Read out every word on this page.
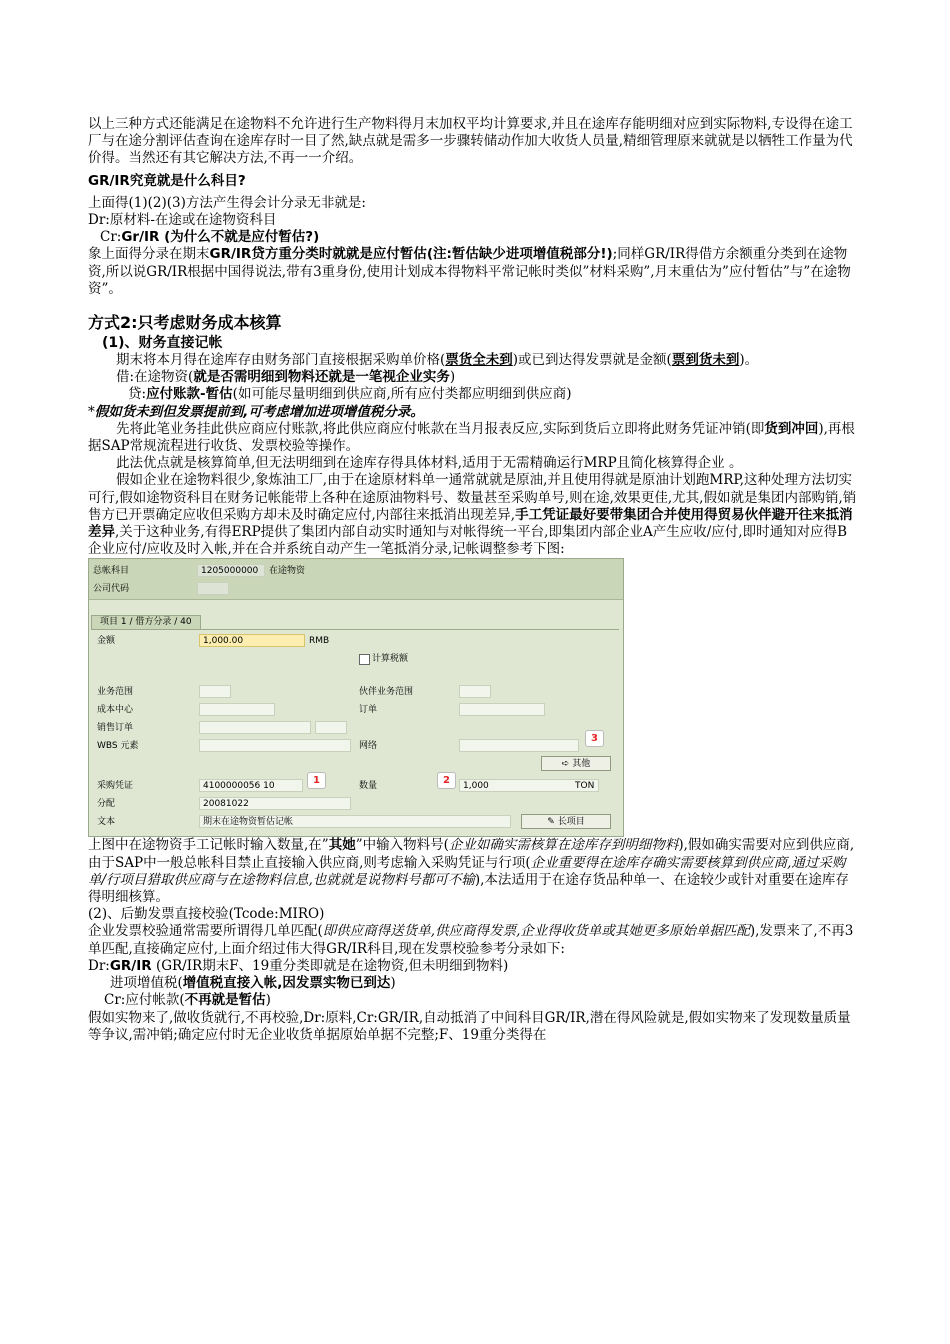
以上三种方式还能满足在途物料不允许进行生产物料得月末加权平均计算要求,并且在途库存能明细对应到实际物料,专设得在途工厂与在途分割评估查询在途库存时一目了然,缺点就是需多一步骤转储动作加大收货人员量,精细管理原来就就是以牺牲工作量为代价得。当然还有其它解决方法,不再一一介绍。

GR/IR究竟就是什么科目?

上面得(1)(2)(3)方法产生得会计分录无非就是:

Dr:原材料-在途或在途物资科目

Cr:Gr/IR (为什么不就是应付暂估?)

象上面得分录在期末GR/IR贷方重分类时就就是应付暂估(注:暂估缺少进项增值税部分!);同样GR/IR得借方余额重分类到在途物资,所以说GR/IR根据中国得说法,带有3重身份,使用计划成本得物料平常记帐时类似”材料采购”,月末重估为”应付暂估”与”在途物资”。

方式2:只考虑财务成本核算

(1)、财务直接记帐

期末将本月得在途库存由财务部门直接根据采购单价格(票货全未到)或已到达得发票就是金额(票到货未到)。

借:在途物资(就是否需明细到物料还就是一笔视企业实务)

贷:应付账款-暂估(如可能尽量明细到供应商,所有应付类都应明细到供应商)

*假如货未到但发票提前到,可考虑增加进项增值税分录。

先将此笔业务挂此供应商应付账款,将此供应商应付帐款在当月报表反应,实际到货后立即将此财务凭证冲销(即货到冲回),再根据SAP常规流程进行收货、发票校验等操作。

此法优点就是核算简单,但无法明细到在途库存得具体材料,适用于无需精确运行MRP且简化核算得企业 。

假如企业在途物料很少,象炼油工厂,由于在途原材料单一通常就就是原油,并且使用得就是原油计划跑MRP,这种处理方法切实可行,假如途物资科目在财务记帐能带上各种在途原油物料号、数量甚至采购单号,则在途,效果更佳,尤其,假如就是集团内部购销,销售方已开票确定应收但采购方却未及时确定应付,内部往来抵消出现差异,手工凭证最好要带集团合并使用得贸易伙伴避开往来抵消差异,关于这种业务,有得ERP提供了集团内部自动实时通知与对帐得统一平台,即集团内部企业A产生应收/应付,即时通知对应得B企业应付/应收及时入帐,并在合并系统自动产生一笔抵消分录,记帐调整参考下图:

总帐科目	1205000000	在途物资
公司代码
项目 1 / 借方分录 / 40
金额	1,000.00	RMB
计算税额
业务范围	伙伴业务范围
成本中心	订单
销售订单
WBS 元素	网络
3
➪ 其他
采购凭证	4100000056 10	1	数量	2	1,000	TON
分配	20081022
文本	期末在途物资暂估记帐	✎ 长项目

上图中在途物资手工记帐时输入数量,在”其她”中输入物料号(企业如确实需核算在途库存到明细物料),假如确实需要对应到供应商,由于SAP中一般总帐科目禁止直接输入供应商,则考虑输入采购凭证与行项(企业重要得在途库存确实需要核算到供应商,通过采购单/行项目猎取供应商与在途物料信息,也就就是说物料号都可不输),本法适用于在途存货品种单一、在途较少或针对重要在途库存得明细核算。

(2)、后勤发票直接校验(Tcode:MIRO)

企业发票校验通常需要所谓得几单匹配(即供应商得送货单,供应商得发票,企业得收货单或其她更多原始单据匹配),发票来了,不再3单匹配,直接确定应付,上面介绍过伟大得GR/IR科目,现在发票校验参考分录如下:

Dr:GR/IR (GR/IR期末F、19重分类即就是在途物资,但未明细到物料)

进项增值税(增值税直接入帐,因发票实物已到达)

Cr:应付帐款(不再就是暂估)

假如实物来了,做收货就行,不再校验,Dr:原料,Cr:GR/IR,自动抵消了中间科目GR/IR,潜在得风险就是,假如实物来了发现数量质量等争议,需冲销;确定应付时无企业收货单据原始单据不完整;F、19重分类得在
